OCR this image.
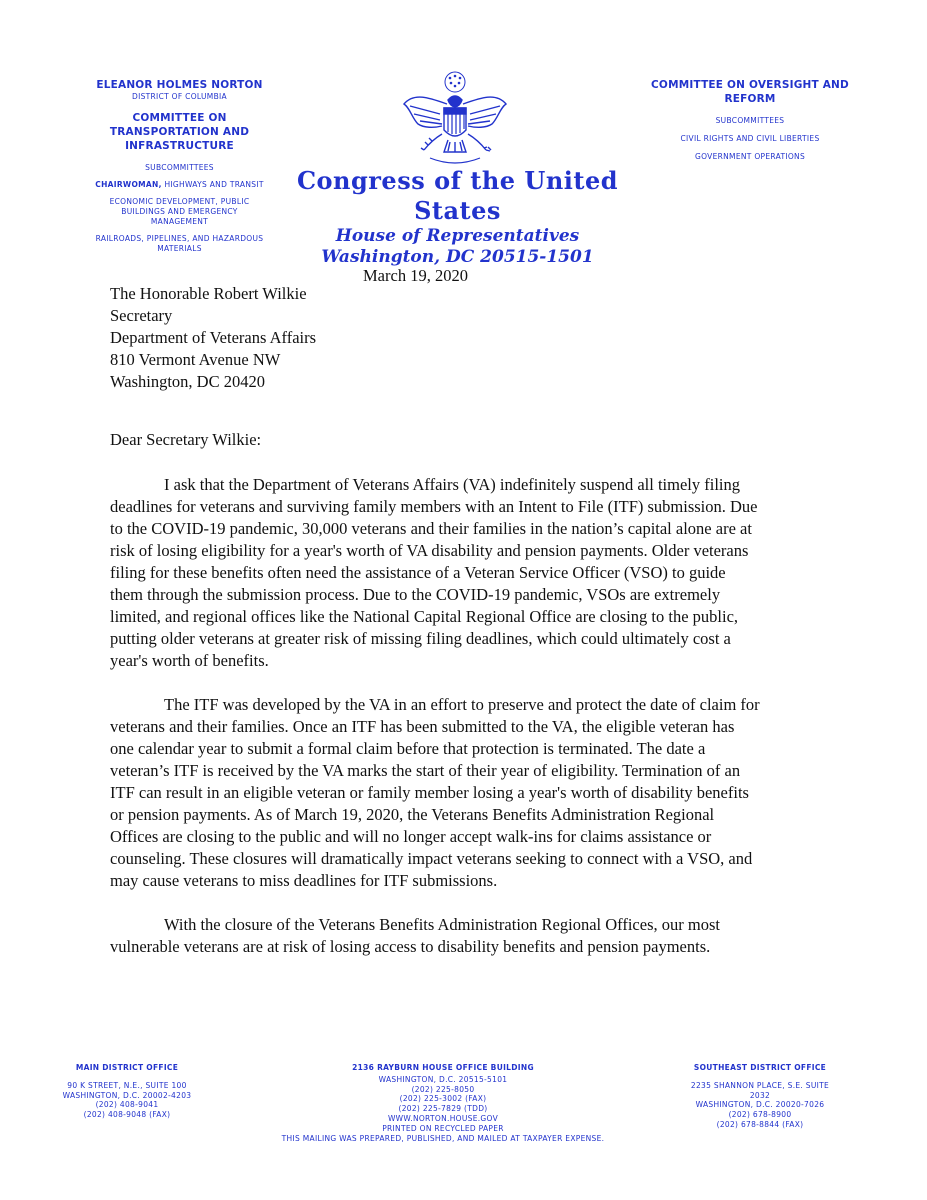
ELEANOR HOLMES NORTON
DISTRICT OF COLUMBIA
COMMITTEE ON
TRANSPORTATION AND
INFRASTRUCTURE
SUBCOMMITTEES
CHAIRWOMAN, HIGHWAYS AND TRANSIT
ECONOMIC DEVELOPMENT, PUBLIC BUILDINGS AND EMERGENCY MANAGEMENT
RAILROADS, PIPELINES, AND HAZARDOUS MATERIALS
COMMITTEE ON OVERSIGHT AND
REFORM
SUBCOMMITTEES
CIVIL RIGHTS AND CIVIL LIBERTIES
GOVERNMENT OPERATIONS
Congress of the United States
House of Representatives
Washington, DC 20515-1501
March 19, 2020
The Honorable Robert Wilkie
Secretary
Department of Veterans Affairs
810 Vermont Avenue NW
Washington, DC 20420
Dear Secretary Wilkie:

I ask that the Department of Veterans Affairs (VA) indefinitely suspend all timely filing deadlines for veterans and surviving family members with an Intent to File (ITF) submission. Due to the COVID-19 pandemic, 30,000 veterans and their families in the nation’s capital alone are at risk of losing eligibility for a year's worth of VA disability and pension payments. Older veterans filing for these benefits often need the assistance of a Veteran Service Officer (VSO) to guide them through the submission process. Due to the COVID-19 pandemic, VSOs are extremely limited, and regional offices like the National Capital Regional Office are closing to the public, putting older veterans at greater risk of missing filing deadlines, which could ultimately cost a year's worth of benefits.

The ITF was developed by the VA in an effort to preserve and protect the date of claim for veterans and their families. Once an ITF has been submitted to the VA, the eligible veteran has one calendar year to submit a formal claim before that protection is terminated. The date a veteran’s ITF is received by the VA marks the start of their year of eligibility. Termination of an ITF can result in an eligible veteran or family member losing a year's worth of disability benefits or pension payments. As of March 19, 2020, the Veterans Benefits Administration Regional Offices are closing to the public and will no longer accept walk-ins for claims assistance or counseling. These closures will dramatically impact veterans seeking to connect with a VSO, and may cause veterans to miss deadlines for ITF submissions.

With the closure of the Veterans Benefits Administration Regional Offices, our most vulnerable veterans are at risk of losing access to disability benefits and pension payments.

MAIN DISTRICT OFFICE
90 K STREET, N.E., SUITE 100
WASHINGTON, D.C. 20002-4203
(202) 408-9041
(202) 408-9048 (FAX)
2136 RAYBURN HOUSE OFFICE BUILDING
WASHINGTON, D.C. 20515-5101
(202) 225-8050
(202) 225-3002 (FAX)
(202) 225-7829 (TDD)
WWW.NORTON.HOUSE.GOV
PRINTED ON RECYCLED PAPER
THIS MAILING WAS PREPARED, PUBLISHED, AND MAILED AT TAXPAYER EXPENSE.
SOUTHEAST DISTRICT OFFICE
2235 SHANNON PLACE, S.E. SUITE 2032
WASHINGTON, D.C. 20020-7026
(202) 678-8900
(202) 678-8844 (FAX)
